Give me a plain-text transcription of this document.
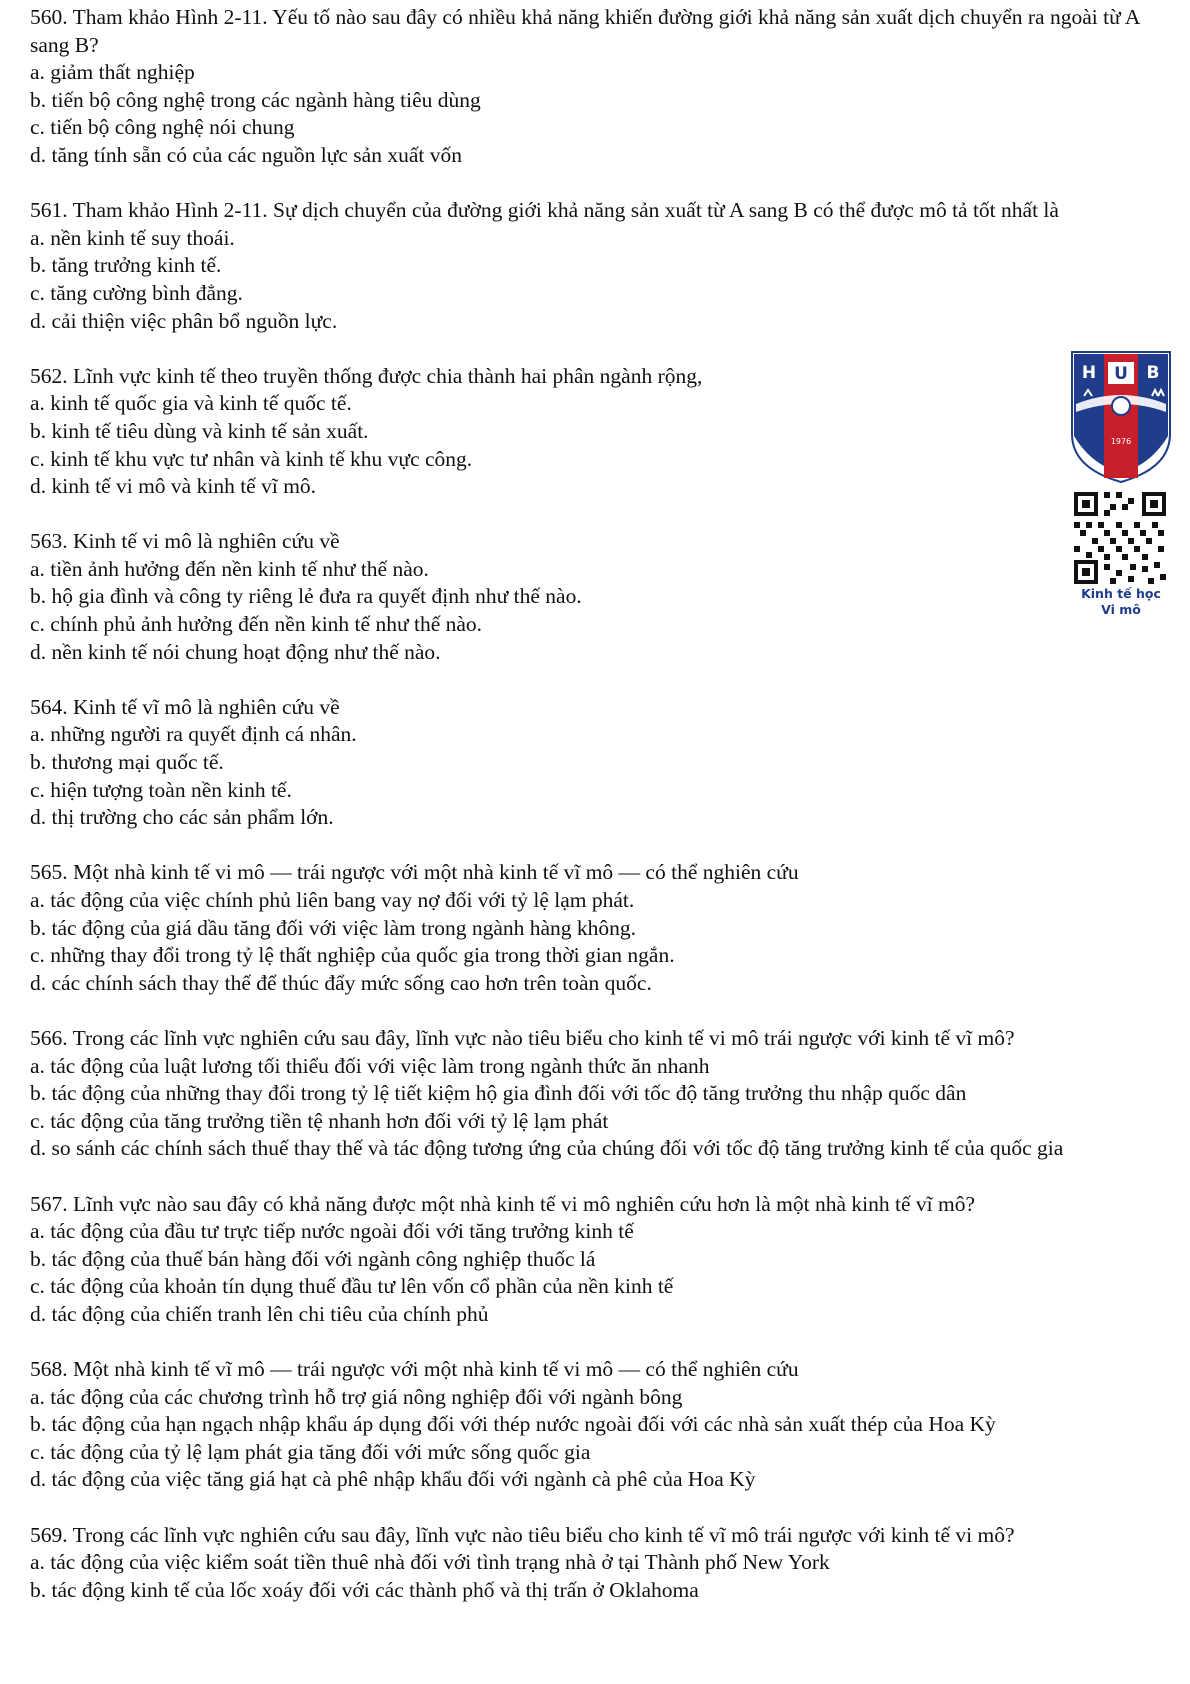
560. Tham khảo Hình 2-11. Yếu tố nào sau đây có nhiều khả năng khiến đường giới khả năng sản xuất dịch chuyển ra ngoài từ A sang B?

a. giảm thất nghiệp

b. tiến bộ công nghệ trong các ngành hàng tiêu dùng

c. tiến bộ công nghệ nói chung

d. tăng tính sẵn có của các nguồn lực sản xuất vốn

561. Tham khảo Hình 2-11. Sự dịch chuyển của đường giới khả năng sản xuất từ A sang B có thể được mô tả tốt nhất là

a. nền kinh tế suy thoái.

b. tăng trưởng kinh tế.

c. tăng cường bình đẳng.

d. cải thiện việc phân bổ nguồn lực.

562. Lĩnh vực kinh tế theo truyền thống được chia thành hai phân ngành rộng,

a. kinh tế quốc gia và kinh tế quốc tế.

b. kinh tế tiêu dùng và kinh tế sản xuất.

c. kinh tế khu vực tư nhân và kinh tế khu vực công.

d. kinh tế vi mô và kinh tế vĩ mô.

563. Kinh tế vi mô là nghiên cứu về

a. tiền ảnh hưởng đến nền kinh tế như thế nào.

b. hộ gia đình và công ty riêng lẻ đưa ra quyết định như thế nào.

c. chính phủ ảnh hưởng đến nền kinh tế như thế nào.

d. nền kinh tế nói chung hoạt động như thế nào.

564. Kinh tế vĩ mô là nghiên cứu về

a. những người ra quyết định cá nhân.

b. thương mại quốc tế.

c. hiện tượng toàn nền kinh tế.

d. thị trường cho các sản phẩm lớn.

565. Một nhà kinh tế vi mô — trái ngược với một nhà kinh tế vĩ mô — có thể nghiên cứu

a. tác động của việc chính phủ liên bang vay nợ đối với tỷ lệ lạm phát.

b. tác động của giá dầu tăng đối với việc làm trong ngành hàng không.

c. những thay đổi trong tỷ lệ thất nghiệp của quốc gia trong thời gian ngắn.

d. các chính sách thay thế để thúc đẩy mức sống cao hơn trên toàn quốc.

566. Trong các lĩnh vực nghiên cứu sau đây, lĩnh vực nào tiêu biểu cho kinh tế vi mô trái ngược với kinh tế vĩ mô?

a. tác động của luật lương tối thiểu đối với việc làm trong ngành thức ăn nhanh

b. tác động của những thay đổi trong tỷ lệ tiết kiệm hộ gia đình đối với tốc độ tăng trưởng thu nhập quốc dân

c. tác động của tăng trưởng tiền tệ nhanh hơn đối với tỷ lệ lạm phát

d. so sánh các chính sách thuế thay thế và tác động tương ứng của chúng đối với tốc độ tăng trưởng kinh tế của quốc gia

567. Lĩnh vực nào sau đây có khả năng được một nhà kinh tế vi mô nghiên cứu hơn là một nhà kinh tế vĩ mô?

a. tác động của đầu tư trực tiếp nước ngoài đối với tăng trưởng kinh tế

b. tác động của thuế bán hàng đối với ngành công nghiệp thuốc lá

c. tác động của khoản tín dụng thuế đầu tư lên vốn cổ phần của nền kinh tế

d. tác động của chiến tranh lên chi tiêu của chính phủ

568. Một nhà kinh tế vĩ mô — trái ngược với một nhà kinh tế vi mô — có thể nghiên cứu

a. tác động của các chương trình hỗ trợ giá nông nghiệp đối với ngành bông

b. tác động của hạn ngạch nhập khẩu áp dụng đối với thép nước ngoài đối với các nhà sản xuất thép của Hoa Kỳ

c. tác động của tỷ lệ lạm phát gia tăng đối với mức sống quốc gia

d. tác động của việc tăng giá hạt cà phê nhập khẩu đối với ngành cà phê của Hoa Kỳ

569. Trong các lĩnh vực nghiên cứu sau đây, lĩnh vực nào tiêu biểu cho kinh tế vĩ mô trái ngược với kinh tế vi mô?

a. tác động của việc kiểm soát tiền thuê nhà đối với tình trạng nhà ở tại Thành phố New York

b. tác động kinh tế của lốc xoáy đối với các thành phố và thị trấn ở Oklahoma

H U B
1976
Kinh tế học
Vi mô
